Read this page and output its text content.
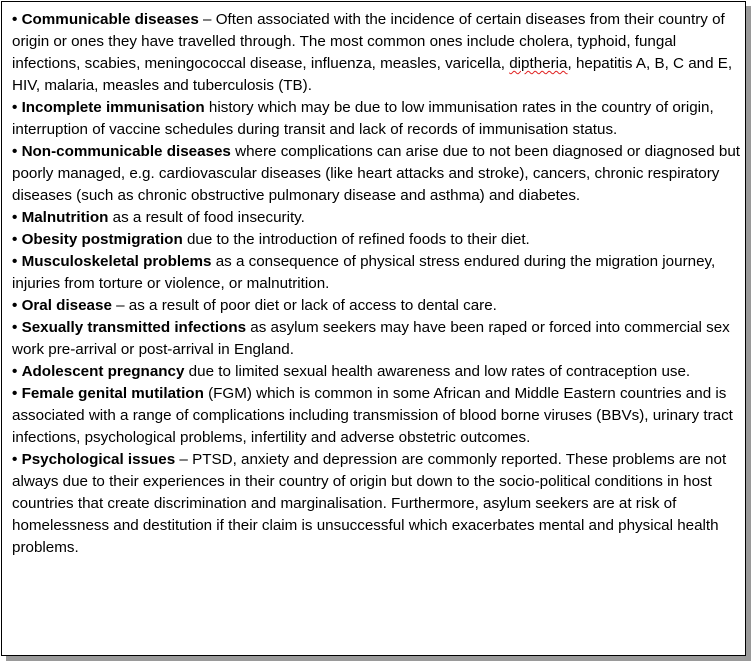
• Communicable diseases – Often associated with the incidence of certain diseases from their country of origin or ones they have travelled through. The most common ones include cholera, typhoid, fungal infections, scabies, meningococcal disease, influenza, measles, varicella, diptheria, hepatitis A, B, C and E, HIV, malaria, measles and tuberculosis (TB).

• Incomplete immunisation history which may be due to low immunisation rates in the country of origin, interruption of vaccine schedules during transit and lack of records of immunisation status.

• Non-communicable diseases where complications can arise due to not been diagnosed or diagnosed but poorly managed, e.g. cardiovascular diseases (like heart attacks and stroke), cancers, chronic respiratory diseases (such as chronic obstructive pulmonary disease and asthma) and diabetes.

• Malnutrition as a result of food insecurity.

• Obesity postmigration due to the introduction of refined foods to their diet.

• Musculoskeletal problems as a consequence of physical stress endured during the migration journey, injuries from torture or violence, or malnutrition.

• Oral disease – as a result of poor diet or lack of access to dental care.

• Sexually transmitted infections as asylum seekers may have been raped or forced into commercial sex work pre-arrival or post-arrival in England.

• Adolescent pregnancy due to limited sexual health awareness and low rates of contraception use.

• Female genital mutilation (FGM) which is common in some African and Middle Eastern countries and is associated with a range of complications including transmission of blood borne viruses (BBVs), urinary tract infections, psychological problems, infertility and adverse obstetric outcomes.

• Psychological issues – PTSD, anxiety and depression are commonly reported. These problems are not always due to their experiences in their country of origin but down to the socio-political conditions in host countries that create discrimination and marginalisation. Furthermore, asylum seekers are at risk of homelessness and destitution if their claim is unsuccessful which exacerbates mental and physical health problems.
